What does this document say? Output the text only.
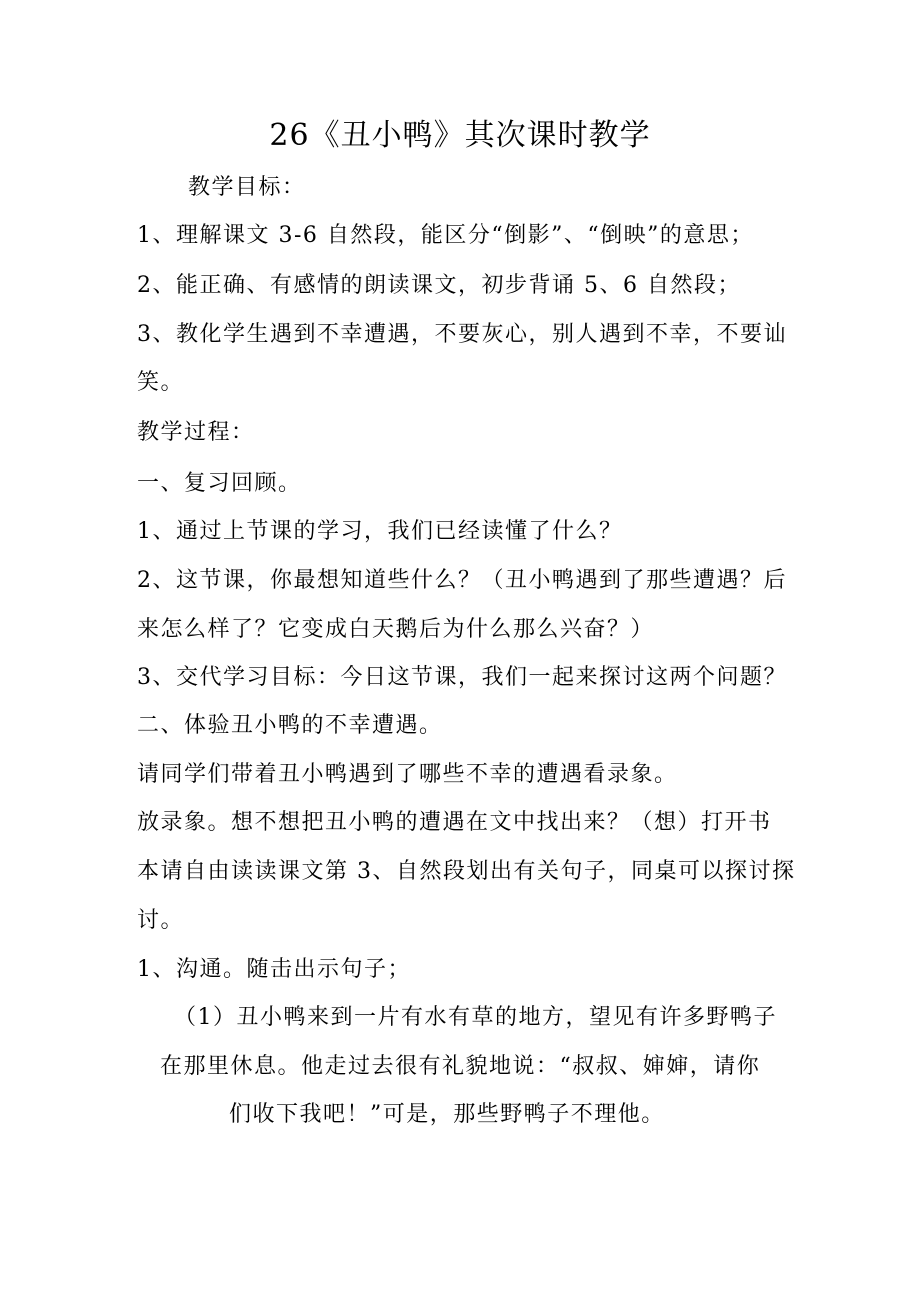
26《丑小鸭》其次课时教学
教学目标：
1、理解课文 3-6 自然段，能区分“倒影”、“倒映”的意思；
2、能正确、有感情的朗读课文，初步背诵 5、6 自然段；
3、教化学生遇到不幸遭遇，不要灰心，别人遇到不幸，不要讪
笑。
教学过程：
一、复习回顾。
1、通过上节课的学习，我们已经读懂了什么？
2、这节课，你最想知道些什么？（丑小鸭遇到了那些遭遇？后
来怎么样了？它变成白天鹅后为什么那么兴奋？）
3、交代学习目标：今日这节课，我们一起来探讨这两个问题？
二、体验丑小鸭的不幸遭遇。
请同学们带着丑小鸭遇到了哪些不幸的遭遇看录象。
放录象。想不想把丑小鸭的遭遇在文中找出来？（想）打开书
本请自由读读课文第 3、自然段划出有关句子，同桌可以探讨探
讨。
1、沟通。随击出示句子；
（1）丑小鸭来到一片有水有草的地方，望见有许多野鸭子
在那里休息。他走过去很有礼貌地说：“叔叔、婶婶，请你
们收下我吧！”可是，那些野鸭子不理他。
